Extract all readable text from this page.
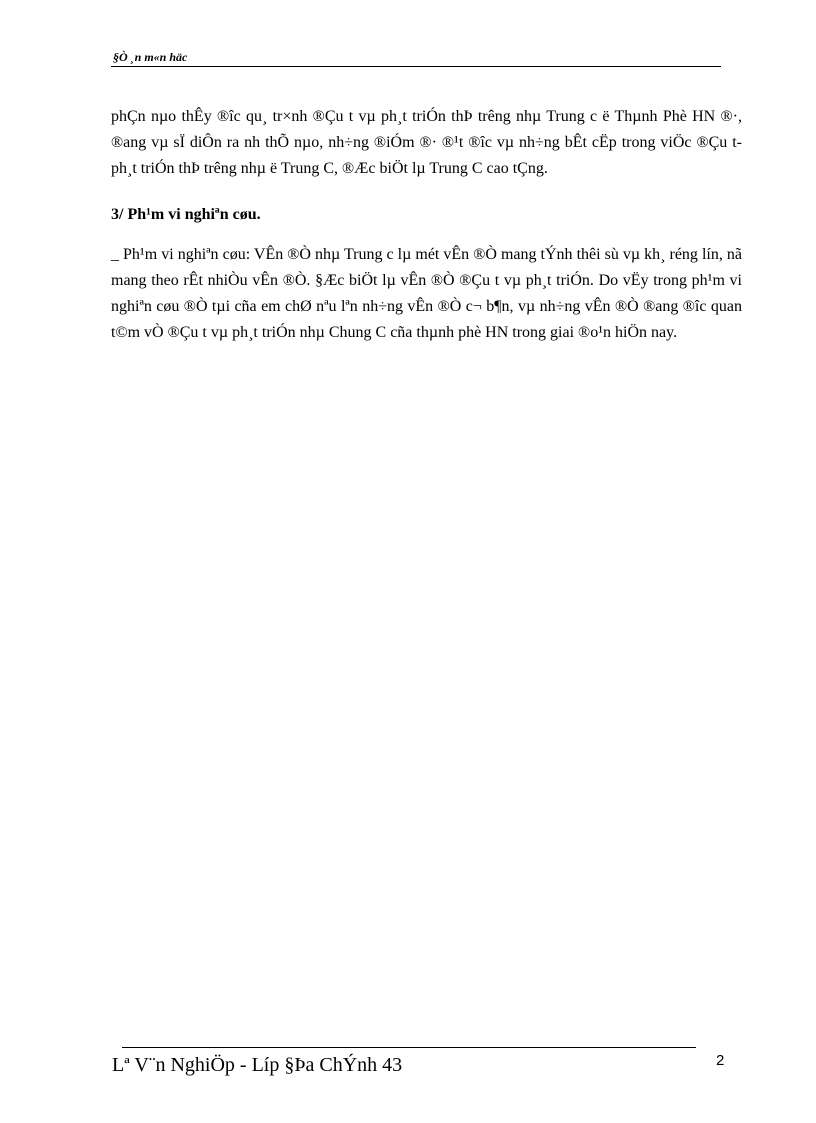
§Ò ¸n m«n häc

phÇn nµo thÊy ®îc qu¸ tr×nh ®Çu t vµ ph¸t triÓn thÞ trêng nhµ Trung c ë Thµnh Phè HN ®·, ®ang vµ sÏ diÔn ra nh thÕ nµo, nh÷ng ®iÓm ®· ®¹t ®îc vµ nh÷ng bÊt cËp trong viÖc ®Çu t ph¸t triÓn thÞ trêng nhµ ë Trung C, ®Æc biÖt lµ Trung C cao tÇng.

3/ Ph¹m vi nghiªn cøu.

_ Ph¹m vi nghiªn cøu: VÊn ®Ò nhµ Trung c lµ mét vÊn ®Ò mang tÝnh thêi sù vµ kh¸ réng lín, nã mang theo rÊt nhiÒu vÊn ®Ò. §Æc biÖt lµ vÊn ®Ò ®Çu t vµ ph¸t triÓn. Do vËy trong ph¹m vi nghiªn cøu ®Ò tµi cña em chØ nªu lªn nh÷ng vÊn ®Ò c¬ b¶n, vµ nh÷ng vÊn ®Ò ®ang ®îc quan t©m vÒ ®Çu t vµ ph¸t triÓn nhµ Chung C cña thµnh phè HN trong giai ®o¹n hiÖn nay.

Lª V¨n NghiÖp - Líp §Þa ChÝnh 43	2
